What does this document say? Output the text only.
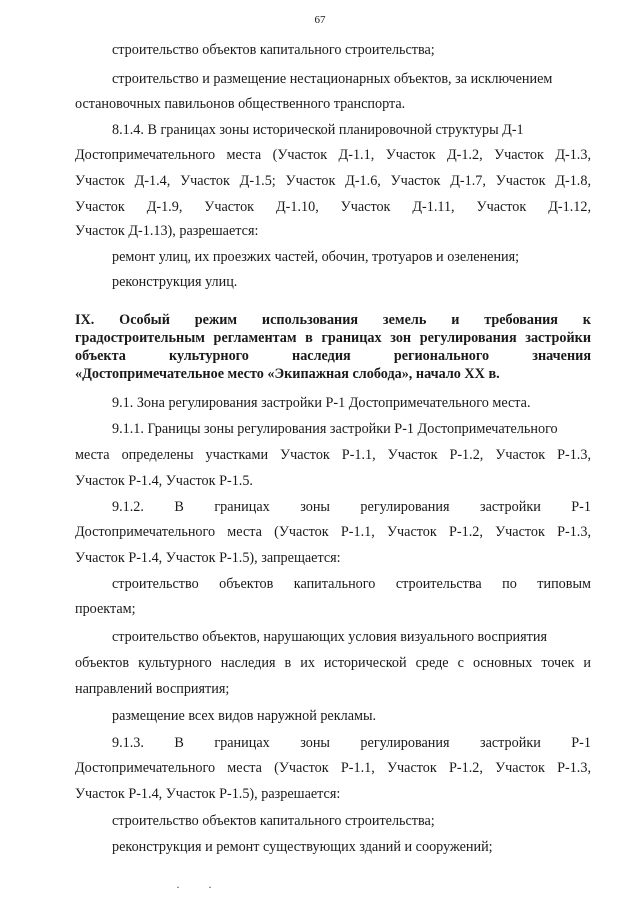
67
строительство объектов капитального строительства;
строительство и размещение нестационарных объектов, за исключением
остановочных павильонов общественного транспорта.
8.1.4. В границах зоны исторической планировочной структуры Д-1
Достопримечательного места (Участок Д-1.1, Участок Д-1.2, Участок Д-1.3,
Участок Д-1.4, Участок Д-1.5; Участок Д-1.6, Участок Д-1.7, Участок Д-1.8,
Участок Д-1.9, Участок Д-1.10, Участок Д-1.11, Участок Д-1.12,
Участок Д-1.13), разрешается:
ремонт улиц, их проезжих частей, обочин, тротуаров и озеленения;
реконструкция улиц.
IX. Особый режим использования земель и требования к
градостроительным регламентам в границах зон регулирования застройки
объекта культурного наследия регионального значения
«Достопримечательное место «Экипажная слобода», начало XX в.
9.1. Зона регулирования застройки Р-1 Достопримечательного места.
9.1.1. Границы зоны регулирования застройки Р-1 Достопримечательного
места определены участками Участок Р-1.1, Участок Р-1.2, Участок Р-1.3,
Участок Р-1.4, Участок Р-1.5.
9.1.2. В границах зоны регулирования застройки Р-1
Достопримечательного места (Участок Р-1.1, Участок Р-1.2, Участок Р-1.3,
Участок Р-1.4, Участок Р-1.5), запрещается:
строительство объектов капитального строительства по типовым
проектам;
строительство объектов, нарушающих условия визуального восприятия
объектов культурного наследия в их исторической среде с основных точек и
направлений восприятия;
размещение всех видов наружной рекламы.
9.1.3. В границах зоны регулирования застройки Р-1
Достопримечательного места (Участок Р-1.1, Участок Р-1.2, Участок Р-1.3,
Участок Р-1.4, Участок Р-1.5), разрешается:
строительство объектов капитального строительства;
реконструкция и ремонт существующих зданий и сооружений;
· ·
